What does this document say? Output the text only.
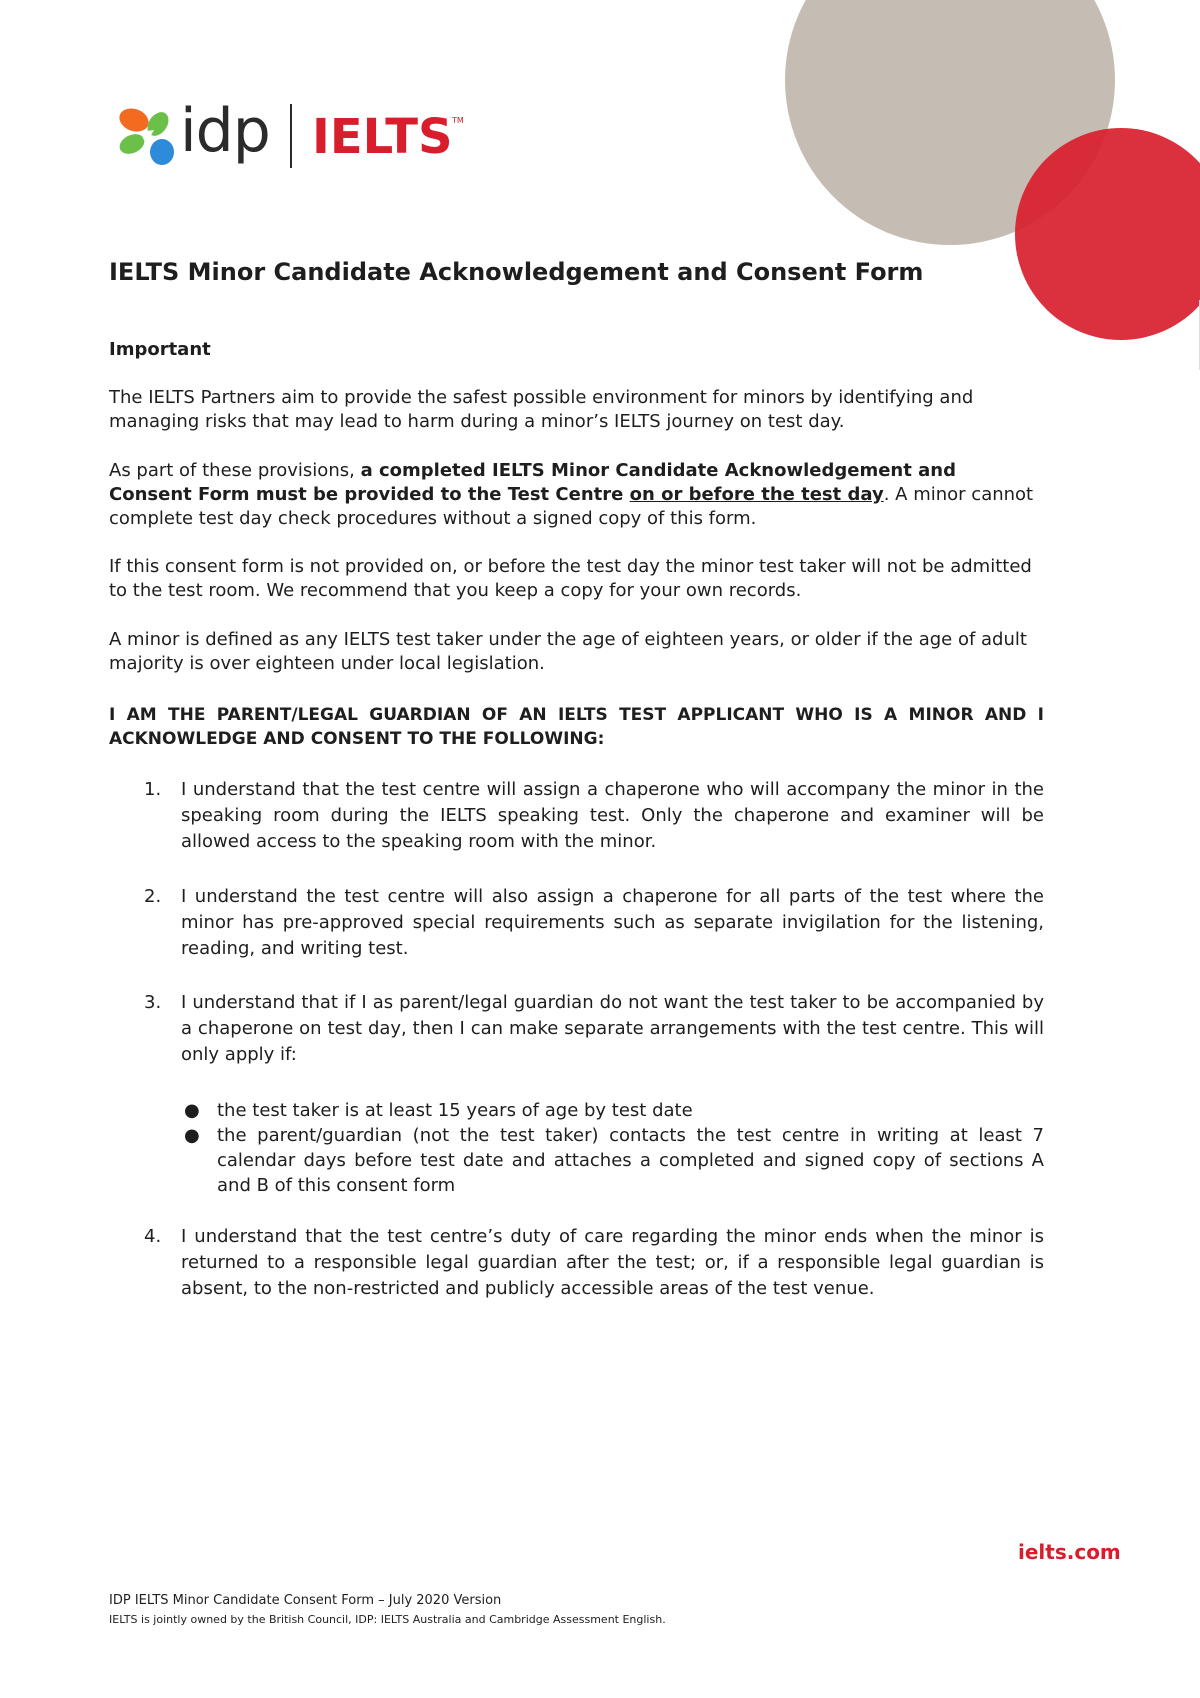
idp IELTS TM
IELTS Minor Candidate Acknowledgement and Consent Form
Important

The IELTS Partners aim to provide the safest possible environment for minors by identifying and managing risks that may lead to harm during a minor’s IELTS journey on test day.

As part of these provisions, a completed IELTS Minor Candidate Acknowledgement and Consent Form must be provided to the Test Centre on or before the test day. A minor cannot complete test day check procedures without a signed copy of this form.

If this consent form is not provided on, or before the test day the minor test taker will not be admitted to the test room. We recommend that you keep a copy for your own records.

A minor is defined as any IELTS test taker under the age of eighteen years, or older if the age of adult majority is over eighteen under local legislation.

I AM THE PARENT/LEGAL GUARDIAN OF AN IELTS TEST APPLICANT WHO IS A MINOR AND I ACKNOWLEDGE AND CONSENT TO THE FOLLOWING:
1. I understand that the test centre will assign a chaperone who will accompany the minor in the speaking room during the IELTS speaking test. Only the chaperone and examiner will be allowed access to the speaking room with the minor.
2. I understand the test centre will also assign a chaperone for all parts of the test where the minor has pre-approved special requirements such as separate invigilation for the listening, reading, and writing test.
3. I understand that if I as parent/legal guardian do not want the test taker to be accompanied by a chaperone on test day, then I can make separate arrangements with the test centre. This will only apply if:
● the test taker is at least 15 years of age by test date
● the parent/guardian (not the test taker) contacts the test centre in writing at least 7 calendar days before test date and attaches a completed and signed copy of sections A and B of this consent form
4. I understand that the test centre’s duty of care regarding the minor ends when the minor is returned to a responsible legal guardian after the test; or, if a responsible legal guardian is absent, to the non-restricted and publicly accessible areas of the test venue.
ielts.com
IDP IELTS Minor Candidate Consent Form – July 2020 Version
IELTS is jointly owned by the British Council, IDP: IELTS Australia and Cambridge Assessment English.
